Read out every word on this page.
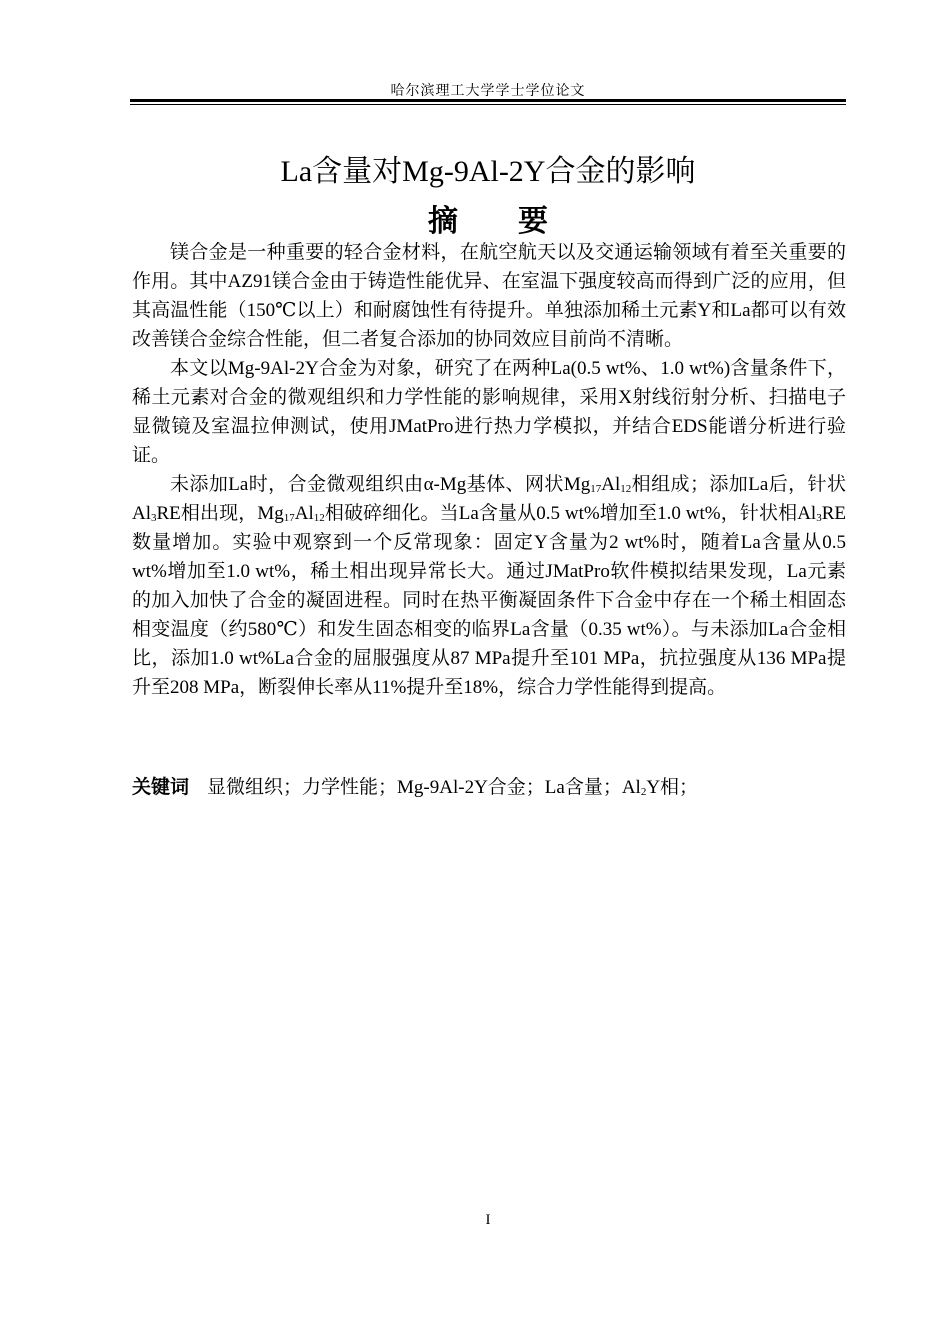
哈尔滨理工大学学士学位论文
La含量对Mg-9Al-2Y合金的影响
摘 要

镁合金是一种重要的轻合金材料，在航空航天以及交通运输领域有着至关重要的作用。其中AZ91镁合金由于铸造性能优异、在室温下强度较高而得到广泛的应用，但其高温性能（150℃以上）和耐腐蚀性有待提升。单独添加稀土元素Y和La都可以有效改善镁合金综合性能，但二者复合添加的协同效应目前尚不清晰。

本文以Mg-9Al-2Y合金为对象，研究了在两种La(0.5 wt%、1.0 wt%)含量条件下，稀土元素对合金的微观组织和力学性能的影响规律，采用X射线衍射分析、扫描电子显微镜及室温拉伸测试，使用JMatPro进行热力学模拟，并结合EDS能谱分析进行验证。

未添加La时，合金微观组织由α-Mg基体、网状$Mg_{17}Al_{12}$相组成；添加La后，针状$Al_3RE$相出现，$Mg_{17}Al_{12}$相破碎细化。当La含量从0.5 wt%增加至1.0 wt%，针状相$Al_3RE$数量增加。实验中观察到一个反常现象：固定Y含量为2 wt%时，随着La含量从0.5 wt%增加至1.0 wt%，稀土相出现异常长大。通过JMatPro软件模拟结果发现，La元素的加入加快了合金的凝固进程。同时在热平衡凝固条件下合金中存在一个稀土相固态相变温度（约580℃）和发生固态相变的临界La含量（0.35 wt%）。与未添加La合金相比，添加1.0 wt%La合金的屈服强度从87 MPa提升至101 MPa，抗拉强度从136 MPa提升至208 MPa，断裂伸长率从11%提升至18%，综合力学性能得到提高。

关键词 显微组织；力学性能；Mg-9Al-2Y合金；La含量；$Al_2Y$相；
I
